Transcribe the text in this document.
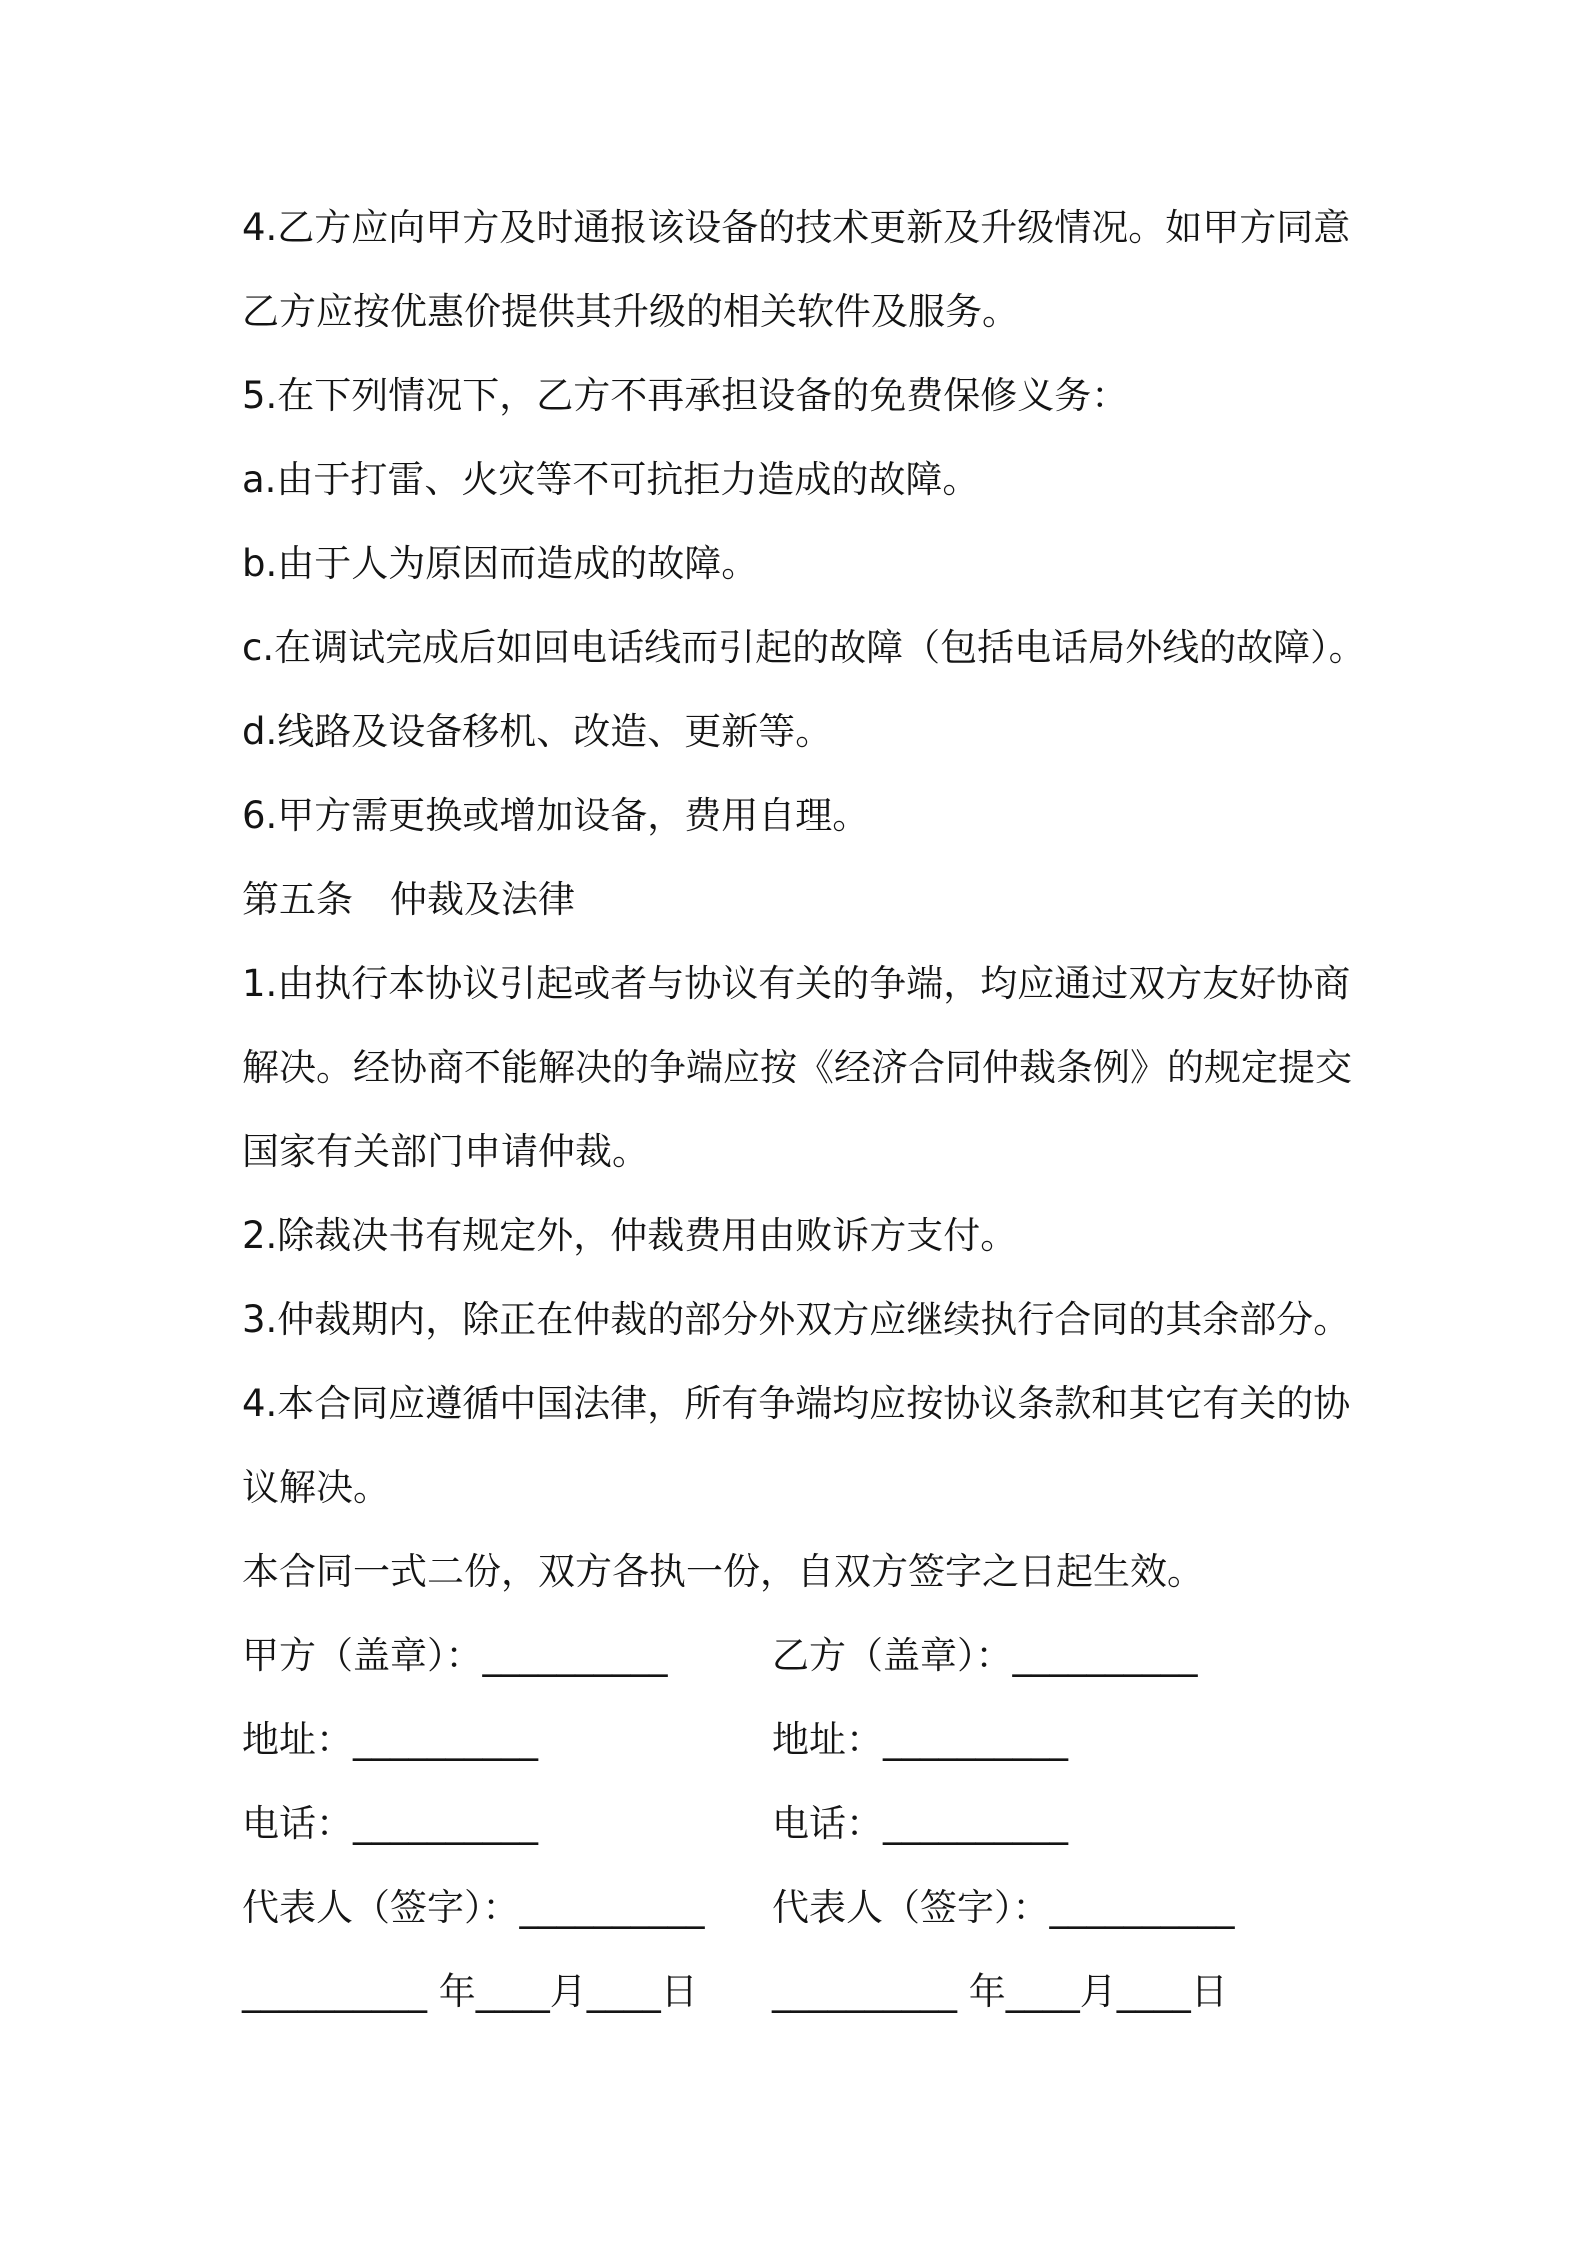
4.乙方应向甲方及时通报该设备的技术更新及升级情况。如甲方同意
乙方应按优惠价提供其升级的相关软件及服务。
5.在下列情况下，乙方不再承担设备的免费保修义务：
a.由于打雷、火灾等不可抗拒力造成的故障。
b.由于人为原因而造成的故障。
c.在调试完成后如回电话线而引起的故障（包括电话局外线的故障）。
d.线路及设备移机、改造、更新等。
6.甲方需更换或增加设备，费用自理。
第五条　仲裁及法律
1.由执行本协议引起或者与协议有关的争端，均应通过双方友好协商
解决。经协商不能解决的争端应按《经济合同仲裁条例》的规定提交
国家有关部门申请仲裁。
2.除裁决书有规定外，仲裁费用由败诉方支付。
3.仲裁期内，除正在仲裁的部分外双方应继续执行合同的其余部分。
4.本合同应遵循中国法律，所有争端均应按协议条款和其它有关的协
议解决。
本合同一式二份，双方各执一份，自双方签字之日起生效。
甲方（盖章）：__________	乙方（盖章）：__________
地址：__________	地址：__________
电话：__________	电话：__________
代表人（签字）：__________	代表人（签字）：__________
__________ 年____月____日	__________ 年____月____日
